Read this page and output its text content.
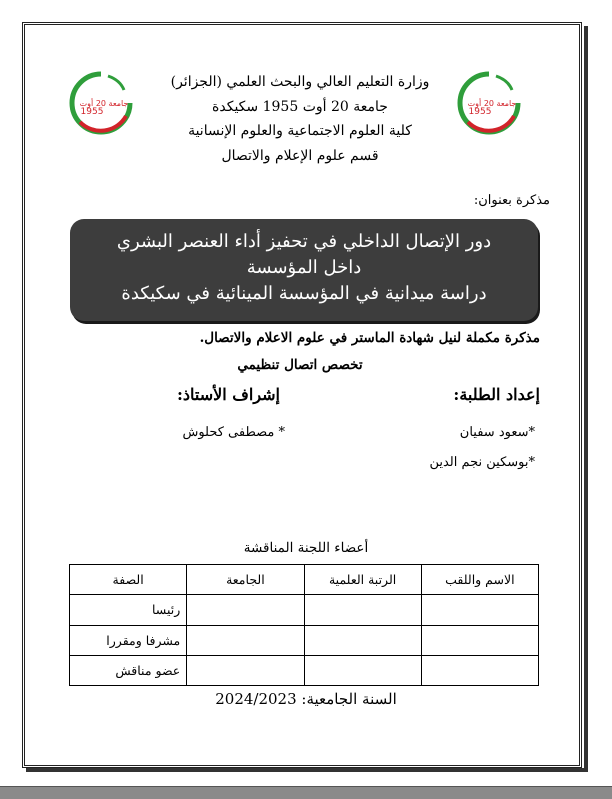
جامعة 20 أوت
1955
جامعة 20 أوت
1955
وزارة التعليم العالي والبحث العلمي (الجزائر)
جامعة 20 أوت 1955 سكيكدة
كلية العلوم الاجتماعية والعلوم الإنسانية
قسم علوم الإعلام والاتصال
مذكرة بعنوان:
دور الإتصال الداخلي في تحفيز أداء العنصر البشري
داخل المؤسسة
دراسة ميدانية في المؤسسة المينائية في سكيكدة
مذكرة مكملة لنيل شهادة الماستر في علوم الاعلام والاتصال.
تخصص اتصال تنظيمي
إعداد الطلبة:
إشراف الأستاذ:
*سعود سفيان
*بوسكين نجم الدين
* مصطفى كحلوش
أعضاء اللجنة المناقشة
الاسم واللقب	الرتبة العلمية	الجامعة	الصفة
			رئيسا
			مشرفا ومقررا
			عضو مناقش
السنة الجامعية: 2024/2023
